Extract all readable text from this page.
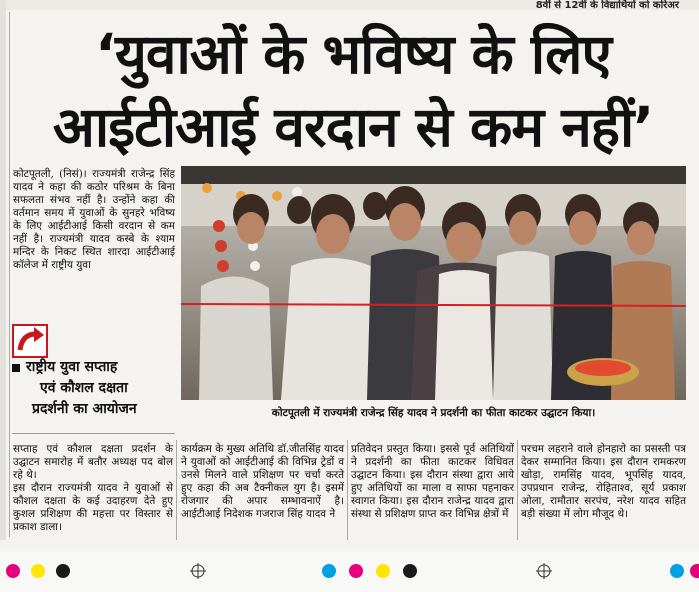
8वीं से 12वीं के विद्यार्थियों को करिअर
‘युवाओं के भविष्य के लिए
आईटीआई वरदान से कम नहीं’

कोटपूतली, (निसं)। राज्यमंत्री राजेन्द्र सिंह यादव ने कहा की कठोर परिश्रम के बिना सफलता संभव नहीं है। उन्होंने कहा की वर्तमान समय में युवाओं के सुनहरे भविष्य के लिए आईटीआई किसी वरदान से कम नहीं है। राज्यमंत्री यादव कस्बे के श्याम मन्दिर के निकट स्थित शारदा आईटीआई कॉलेज में राष्ट्रीय युवा

राष्ट्रीय युवा सप्ताह
एवं कौशल दक्षता
प्रदर्शनी का आयोजन	कोटपूतली में राज्यमंत्री राजेन्द्र सिंह यादव ने प्रदर्शनी का फीता काटकर उद्घाटन किया।

सप्ताह एवं कौशल दक्षता प्रदर्शन के उद्घाटन समारोह में बतौर अध्यक्ष पद बोल रहे थे।
इस दौरान राज्यमंत्री यादव ने युवाओं से कौशल दक्षता के कई उदाहरण देते हुए कुशल प्रशिक्षण की महत्ता पर विस्तार से प्रकाश डाला।

कार्यक्रम के मुख्य अतिथि डॉ.जीतसिंह यादव ने युवाओं को आईटीआई की विभिन्न ट्रेडों व उनसे मिलने वाले प्रशिक्षण पर चर्चा करते हुए कहा की अब टैक्नीकल युग है। इसमें रोजगार की अपार सम्भावनाऐं है। आईटीआई निदेशक गजराज सिंह यादव ने

प्रतिवेदन प्रस्तुत किया। इससे पूर्व अतिथियों ने प्रदर्शनी का फीता काटकर विधिवत उद्घाटन किया। इस दौरान संस्था द्वारा आये हुए अतिथियों का माला व साफा पहनाकर स्वागत किया। इस दौरान राजेन्द्र यादव द्वारा संस्था से प्रशिक्षण प्राप्त कर विभिन्न क्षेत्रों में

परचम लहराने वाले होनहारो का प्रसस्ती पत्र देकर सम्मानित किया। इस दौरान रामकरण खोड़ा, रामसिंह यादव, भूपसिंह यादव, उपप्रधान राजेन्द्र, रोहिताश्व, सूर्य प्रकाश ओला, रामौतार सरपंच, नरेश यादव सहित बड़ी संख्या में लोग मौजूद थे।
